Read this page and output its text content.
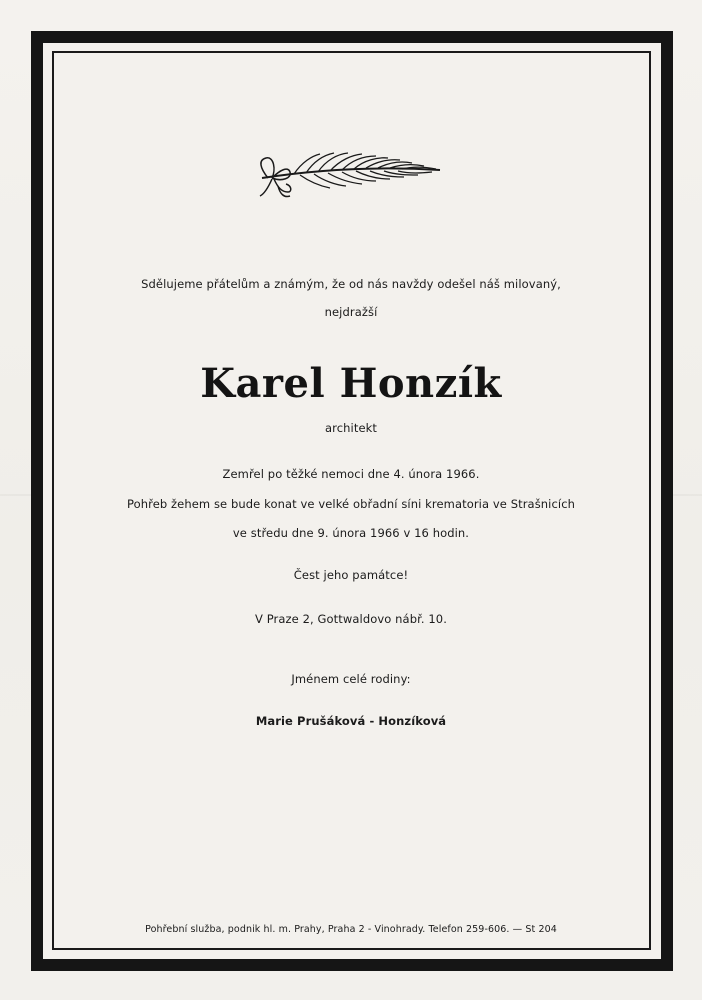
Sdělujeme přátelům a známým, že od nás navždy odešel náš milovaný,
nejdražší
Karel Honzík
architekt
Zemřel po těžké nemoci dne 4. února 1966.
Pohřeb žehem se bude konat ve velké obřadní síni krematoria ve Strašnicích
ve středu dne 9. února 1966 v 16 hodin.
Čest jeho památce!
V Praze 2, Gottwaldovo nábř. 10.
Jménem celé rodiny:
Marie Prušáková - Honzíková
Pohřební služba, podnik hl. m. Prahy, Praha 2 - Vinohrady. Telefon 259-606. — St 204
